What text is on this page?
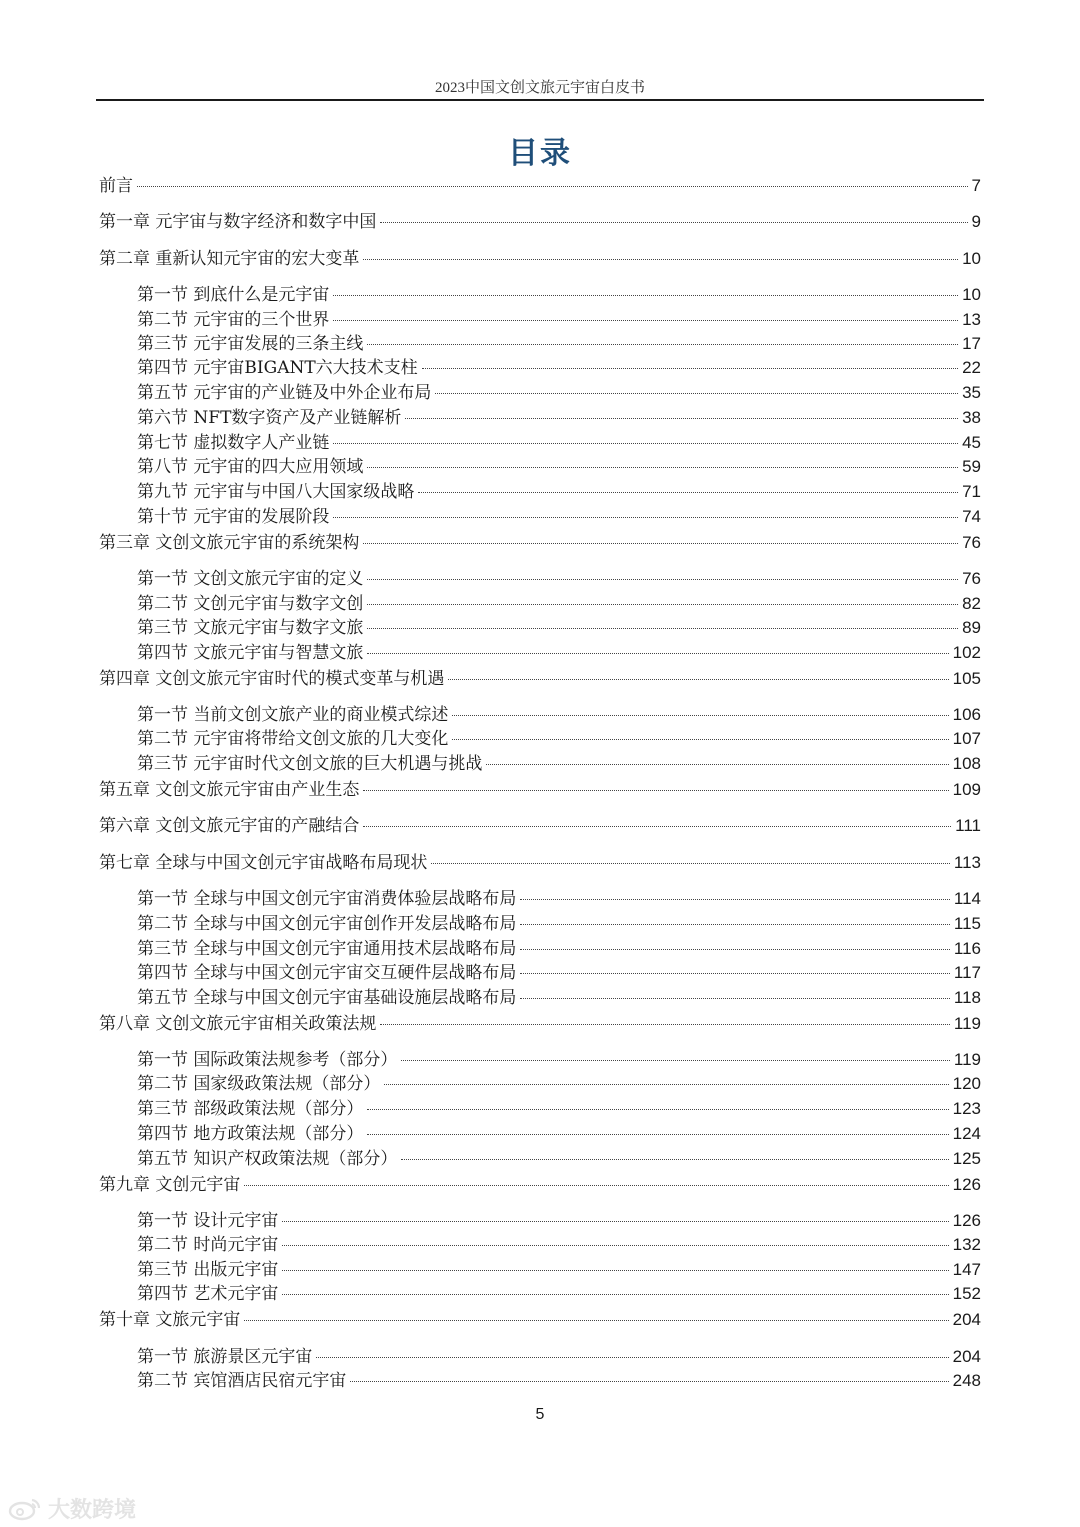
2023中国文创文旅元宇宙白皮书
目录
前言	7
第一章 元宇宙与数字经济和数字中国	9
第二章 重新认知元宇宙的宏大变革	10
第一节 到底什么是元宇宙	10
第二节 元宇宙的三个世界	13
第三节 元宇宙发展的三条主线	17
第四节 元宇宙BIGANT六大技术支柱	22
第五节 元宇宙的产业链及中外企业布局	35
第六节 NFT数字资产及产业链解析	38
第七节 虚拟数字人产业链	45
第八节 元宇宙的四大应用领域	59
第九节 元宇宙与中国八大国家级战略	71
第十节 元宇宙的发展阶段	74
第三章 文创文旅元宇宙的系统架构	76
第一节 文创文旅元宇宙的定义	76
第二节 文创元宇宙与数字文创	82
第三节 文旅元宇宙与数字文旅	89
第四节 文旅元宇宙与智慧文旅	102
第四章 文创文旅元宇宙时代的模式变革与机遇	105
第一节 当前文创文旅产业的商业模式综述	106
第二节 元宇宙将带给文创文旅的几大变化	107
第三节 元宇宙时代文创文旅的巨大机遇与挑战	108
第五章 文创文旅元宇宙由产业生态	109
第六章 文创文旅元宇宙的产融结合	111
第七章 全球与中国文创元宇宙战略布局现状	113
第一节 全球与中国文创元宇宙消费体验层战略布局	114
第二节 全球与中国文创元宇宙创作开发层战略布局	115
第三节 全球与中国文创元宇宙通用技术层战略布局	116
第四节 全球与中国文创元宇宙交互硬件层战略布局	117
第五节 全球与中国文创元宇宙基础设施层战略布局	118
第八章 文创文旅元宇宙相关政策法规	119
第一节 国际政策法规参考（部分）	119
第二节 国家级政策法规（部分）	120
第三节 部级政策法规（部分）	123
第四节 地方政策法规（部分）	124
第五节 知识产权政策法规（部分）	125
第九章 文创元宇宙	126
第一节 设计元宇宙	126
第二节 时尚元宇宙	132
第三节 出版元宇宙	147
第四节 艺术元宇宙	152
第十章 文旅元宇宙	204
第一节 旅游景区元宇宙	204
第二节 宾馆酒店民宿元宇宙	248
5
大数跨境
